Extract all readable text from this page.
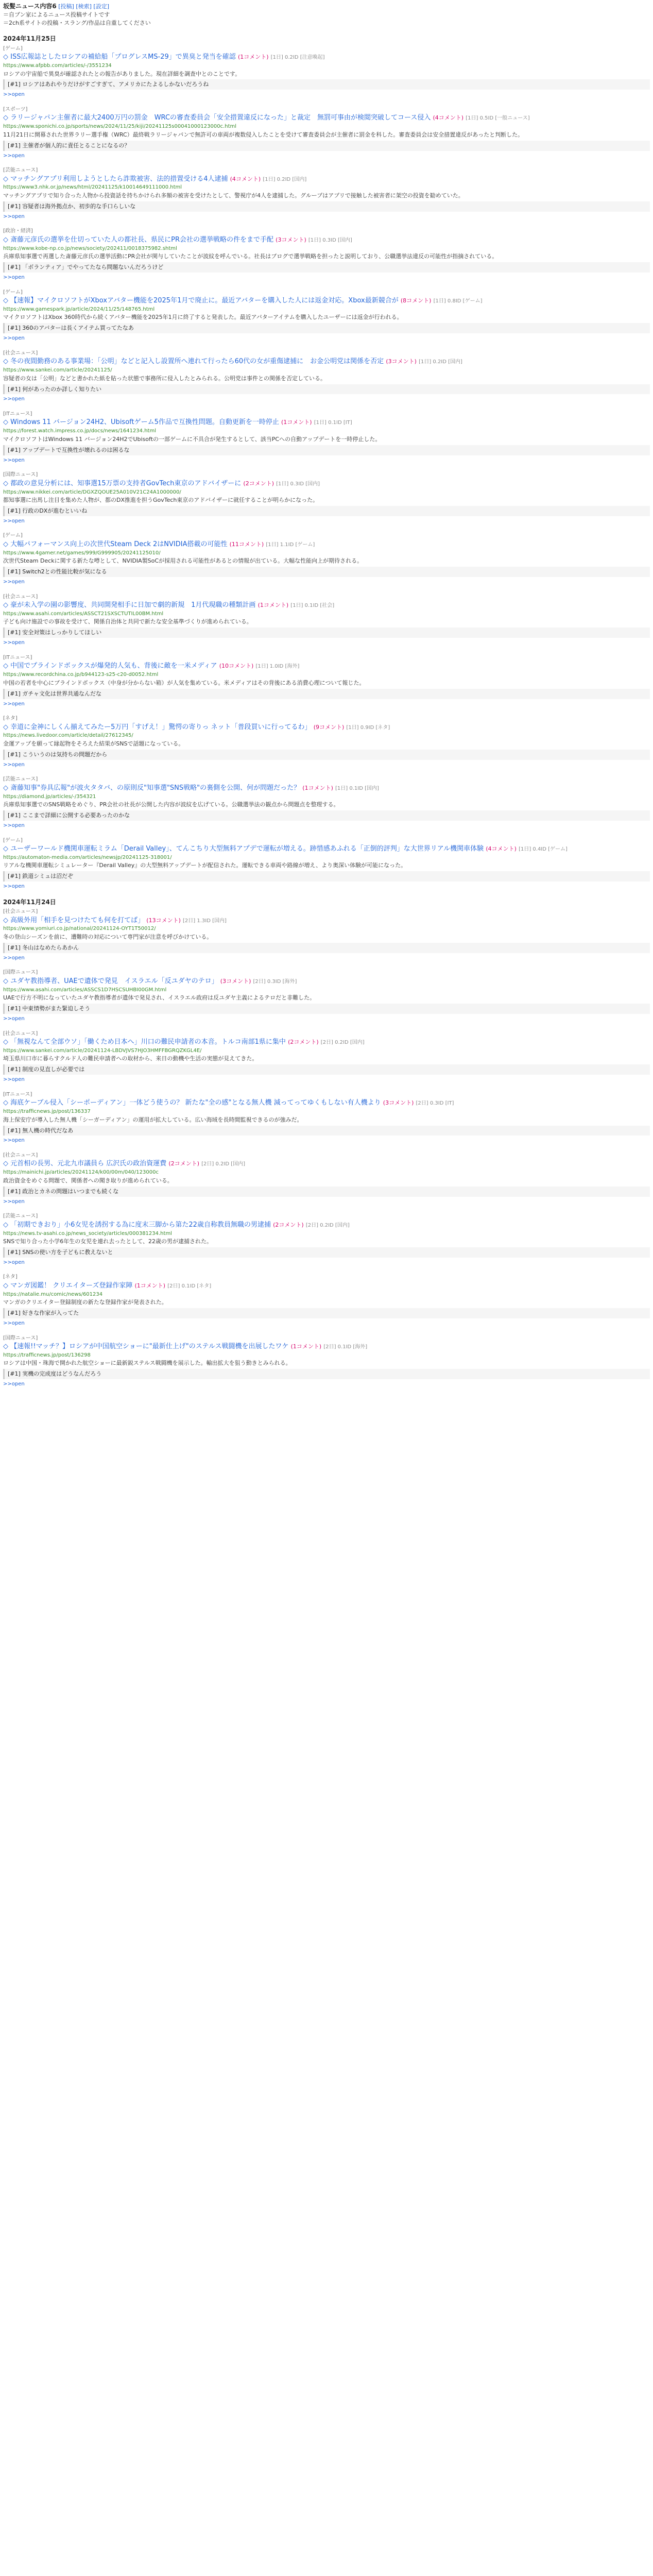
坂髪ニュース内容6 [投稿] [検索] [設定]
＝自ブン家によるニュース投稿サイトです
＝2ch系サイトの投稿・スラング/作品は自重してください
2024年11月25日
[ゲーム]
◇ ISS広報誌としたロシアの補給船「プログレスMS-29」で異臭と発当を確認 (1コメント) [1日] 0.2ID [注意喚起]
https://www.afpbb.com/articles/-/3551234
ロシアの宇宙船で異臭が確認されたとの報告がありました。現在詳細を調査中とのことです。
[#1] ロシアはあれやりだけがすごすぎて、アメリカにたよるしかないだろうね
>>open
[スポーツ]
◇ ラリージャパン主催者に最大2400万円の罰金　WRCの審査委員会「安全措置違反になった」と裁定　無罰可事由が検閲突破してコース侵入 (4コメント) [1日] 0.5ID [一般ニュース]
https://www.sponichi.co.jp/sports/news/2024/11/25/kiji/20241125s00041000123000c.html
11月21日に開幕された世界ラリー選手権（WRC）最終戦ラリージャパンで無許可の車両が複数侵入したことを受けて審査委員会が主催者に罰金を科した。審査委員会は安全措置違反があったと判断した。
[#1] 主催者が個人的に責任とることになるの？
>>open
[芸能ニュース]
◇ マッチングアプリ利用しようとしたら詐欺被害、法的措置受ける4人逮捕 (4コメント) [1日] 0.2ID [国内]
https://www3.nhk.or.jp/news/html/20241125/k10014649111000.html
マッチングアプリで知り合った人物から投資話を持ちかけられ多額の被害を受けたとして、警視庁が4人を逮捕した。グループはアプリで接触した被害者に架空の投資を勧めていた。
[#1] 容疑者は海外拠点か、初歩的な手口らしいな
>>open
[政治・経済]
◇ 斎藤元彦氏の選挙を仕切っていた人の都社長、県民にPR会社の選挙戦略の件をまで手配 (3コメント) [1日] 0.3ID [国内]
https://www.kobe-np.co.jp/news/society/202411/0018375982.shtml
兵庫県知事選で再選した斎藤元彦氏の選挙活動にPR会社が関与していたことが波紋を呼んでいる。社長はブログで選挙戦略を担ったと説明しており、公職選挙法違反の可能性が指摘されている。
[#1] 「ボランティア」でやってたなら問題ないんだろうけど
>>open
[ゲーム]
◇ 【速報】マイクロソフトがXboxアバター機能を2025年1月で廃止に。最近アバターを購入した人には返金対応。Xbox最新競合が (8コメント) [1日] 0.8ID [ゲーム]
https://www.gamespark.jp/article/2024/11/25/148765.html
マイクロソフトはXbox 360時代から続くアバター機能を2025年1月に終了すると発表した。最近アバターアイテムを購入したユーザーには返金が行われる。
[#1] 360のアバターは長くアイテム買ってたなあ
>>open
[社会ニュース]
◇ 冬の夜間勤務のある事業場：「公明」などと記入し設置所へ連れて行ったら60代の女が重傷逮捕に　お金公明党は関係を否定 (3コメント) [1日] 0.2ID [国内]
https://www.sankei.com/article/20241125/
容疑者の女は「公明」などと書かれた紙を貼った状態で事務所に侵入したとみられる。公明党は事件との関係を否定している。
[#1] 何があったのか詳しく知りたい
>>open
[ITニュース]
◇ Windows 11 バージョン24H2、Ubisoftゲーム5作品で互換性問題。自動更新を一時停止 (1コメント) [1日] 0.1ID [IT]
https://forest.watch.impress.co.jp/docs/news/1641234.html
マイクロソフトはWindows 11 バージョン24H2でUbisoftの一部ゲームに不具合が発生するとして、該当PCへの自動アップデートを一時停止した。
[#1] アップデートで互換性が壊れるのは困るな
>>open
[国際ニュース]
◇ 都政の意見分析には、知事選15万票の支持者GovTech東京のアドバイザーに (2コメント) [1日] 0.3ID [国内]
https://www.nikkei.com/article/DGXZQOUE25A010V21C24A1000000/
都知事選に出馬し注目を集めた人物が、都のDX推進を担うGovTech東京のアドバイザーに就任することが明らかになった。
[#1] 行政のDXが進むといいね
>>open
[ゲーム]
◇ 大幅パフォーマンス向上の次世代Steam Deck 2はNVIDIA搭載の可能性 (11コメント) [1日] 1.1ID [ゲーム]
https://www.4gamer.net/games/999/G999905/20241125010/
次世代Steam Deckに関する新たな噂として、NVIDIA製SoCが採用される可能性があるとの情報が出ている。大幅な性能向上が期待される。
[#1] Switch2との性能比較が気になる
>>open
[社会ニュース]
◇ 豪が未入学の園の影響度、共同開発相手に日加で劇的新規　1月代現職の種類計画 (1コメント) [1日] 0.1ID [社会]
https://www.asahi.com/articles/ASSCT21SXSCTUTIL00BM.html
子ども向け施設での事故を受けて、関係自治体と共同で新たな安全基準づくりが進められている。
[#1] 安全対策はしっかりしてほしい
>>open
[ITニュース]
◇ 中国でプラインドボックスが爆発的人気も、背後に敵を一米メディア (10コメント) [1日] 1.0ID [海外]
https://www.recordchina.co.jp/b944123-s25-c20-d0052.html
中国の若者を中心にブラインドボックス（中身が分からない箱）が人気を集めている。米メディアはその背後にある消費心理について報じた。
[#1] ガチャ文化は世界共通なんだな
>>open
[ネタ]
◇ 幸道に金神にしくん揃えてみたー5万円「すげえ！」驚愕の寄りっ ネット「普段買いに行ってるわ」 (9コメント) [1日] 0.9ID [ネタ]
https://news.livedoor.com/article/detail/27612345/
金運アップを願って縁起物をそろえた結果がSNSで話題になっている。
[#1] こういうのは気持ちの問題だから
>>open
[芸能ニュース]
◇ 斎藤知事"券具広報"が波火タタバ、の原則反"知事選"SNS戦略"の裏側を公開、何が問題だった？ (1コメント) [1日] 0.1ID [国内]
https://diamond.jp/articles/-/354321
兵庫県知事選でのSNS戦略をめぐり、PR会社の社長が公開した内容が波紋を広げている。公職選挙法の観点から問題点を整理する。
[#1] ここまで詳細に公開する必要あったのかな
>>open
[ゲーム]
◇ ユーザーワールド機関車運転ミラム「Derail Valley」、てんこちり大型無料アプデで運転が増える。跡惜感あふれる「正倒的評判」な大世界リアル機関車体験 (4コメント) [1日] 0.4ID [ゲーム]
https://automaton-media.com/articles/newsjp/20241125-318001/
リアルな機関車運転シミュレーター『Derail Valley』の大型無料アップデートが配信された。運転できる車両や路線が増え、より奥深い体験が可能になった。
[#1] 鉄道シミュは沼だぞ
>>open
2024年11月24日
[社会ニュース]
◇ 高級外用「相手を見つけたても何を打てば」 (13コメント) [2日] 1.3ID [国内]
https://www.yomiuri.co.jp/national/20241124-OYT1T50012/
冬の登山シーズンを前に、遭難時の対応について専門家が注意を呼びかけている。
[#1] 冬山はなめたらあかん
>>open
[国際ニュース]
◇ ユダヤ教指導者、UAEで遺体で発見　イスラエル「反ユダヤのテロ」 (3コメント) [2日] 0.3ID [海外]
https://www.asahi.com/articles/ASSCS1D7HSCSUHBI00GM.html
UAEで行方不明になっていたユダヤ教指導者が遺体で発見され、イスラエル政府は反ユダヤ主義によるテロだと非難した。
[#1] 中東情勢がまた緊迫しそう
>>open
[社会ニュース]
◇ 「無視なんて全部ウソ」「働くため日本へ」川口の難民申請者の本音。トルコ南部1県に集中 (2コメント) [2日] 0.2ID [国内]
https://www.sankei.com/article/20241124-LBDVJVS7HJO3HMFFBGRQZKGL4E/
埼玉県川口市に暮らすクルド人の難民申請者への取材から、来日の動機や生活の実態が見えてきた。
[#1] 制度の見直しが必要では
>>open
[ITニュース]
◇ 海底ケーブル侵入「シーポーディアン」一体どう使うの？ 新たな"全の感"となる無人機 減ってってゆくもしない有人機より (3コメント) [2日] 0.3ID [IT]
https://trafficnews.jp/post/136337
海上保安庁が導入した無人機「シーガーディアン」の運用が拡大している。広い海域を長時間監視できるのが強みだ。
[#1] 無人機の時代だなあ
>>open
[社会ニュース]
◇ 元首相の長男、元北九市議員ら 広沢氏の政治資運費 (2コメント) [2日] 0.2ID [国内]
https://mainichi.jp/articles/20241124/k00/00m/040/123000c
政治資金をめぐる問題で、関係者への聞き取りが進められている。
[#1] 政治とカネの問題はいつまでも続くな
>>open
[芸能ニュース]
◇ 「初期できおり」小6女児を誘拐する為に度末三脚から第た22歳自称教員無職の男逮捕 (2コメント) [2日] 0.2ID [国内]
https://news.tv-asahi.co.jp/news_society/articles/000381234.html
SNSで知り合った小学6年生の女児を連れ去ったとして、22歳の男が逮捕された。
[#1] SNSの使い方を子どもに教えないと
>>open
[ネタ]
◇ マンガ図鑑！ クリエイターズ登録作家陣 (1コメント) [2日] 0.1ID [ネタ]
https://natalie.mu/comic/news/601234
マンガのクリエイター登録制度の新たな登録作家が発表された。
[#1] 好きな作家が入ってた
>>open
[国際ニュース]
◇ 【速報!!マッチ？】ロシアが中国航空ショーに"最新仕上げ"のステルス戦闘機を出展したワケ (1コメント) [2日] 0.1ID [海外]
https://trafficnews.jp/post/136298
ロシアは中国・珠海で開かれた航空ショーに最新鋭ステルス戦闘機を展示した。輸出拡大を狙う動きとみられる。
[#1] 実機の完成度はどうなんだろう
>>open
